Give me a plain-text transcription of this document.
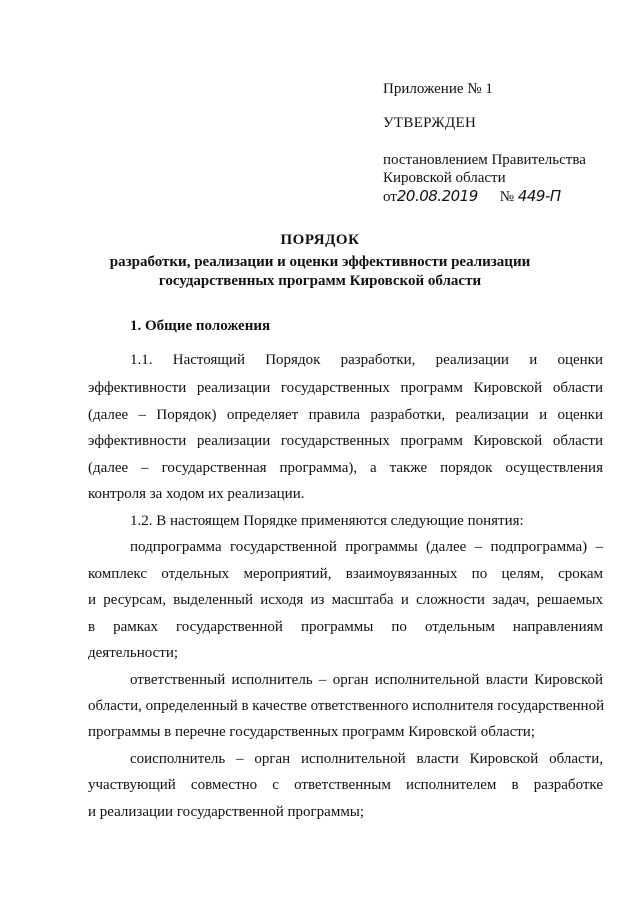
Приложение № 1
УТВЕРЖДЕН
постановлением Правительства
Кировской области
от20.08.2019 № 449-П
ПОРЯДОК
разработки, реализации и оценки эффективности реализации
государственных программ Кировской области
1. Общие положения
1.1. Настоящий Порядок разработки, реализации и оценки
эффективности реализации государственных программ Кировской области
(далее – Порядок) определяет правила разработки, реализации и оценки
эффективности реализации государственных программ Кировской области
(далее – государственная программа), а также порядок осуществления
контроля за ходом их реализации.
1.2. В настоящем Порядке применяются следующие понятия:
подпрограмма государственной программы (далее – подпрограмма) –
комплекс отдельных мероприятий, взаимоувязанных по целям, срокам
и ресурсам, выделенный исходя из масштаба и сложности задач, решаемых
в рамках государственной программы по отдельным направлениям
деятельности;
ответственный исполнитель – орган исполнительной власти Кировской
области, определенный в качестве ответственного исполнителя государственной
программы в перечне государственных программ Кировской области;
соисполнитель – орган исполнительной власти Кировской области,
участвующий совместно с ответственным исполнителем в разработке
и реализации государственной программы;
